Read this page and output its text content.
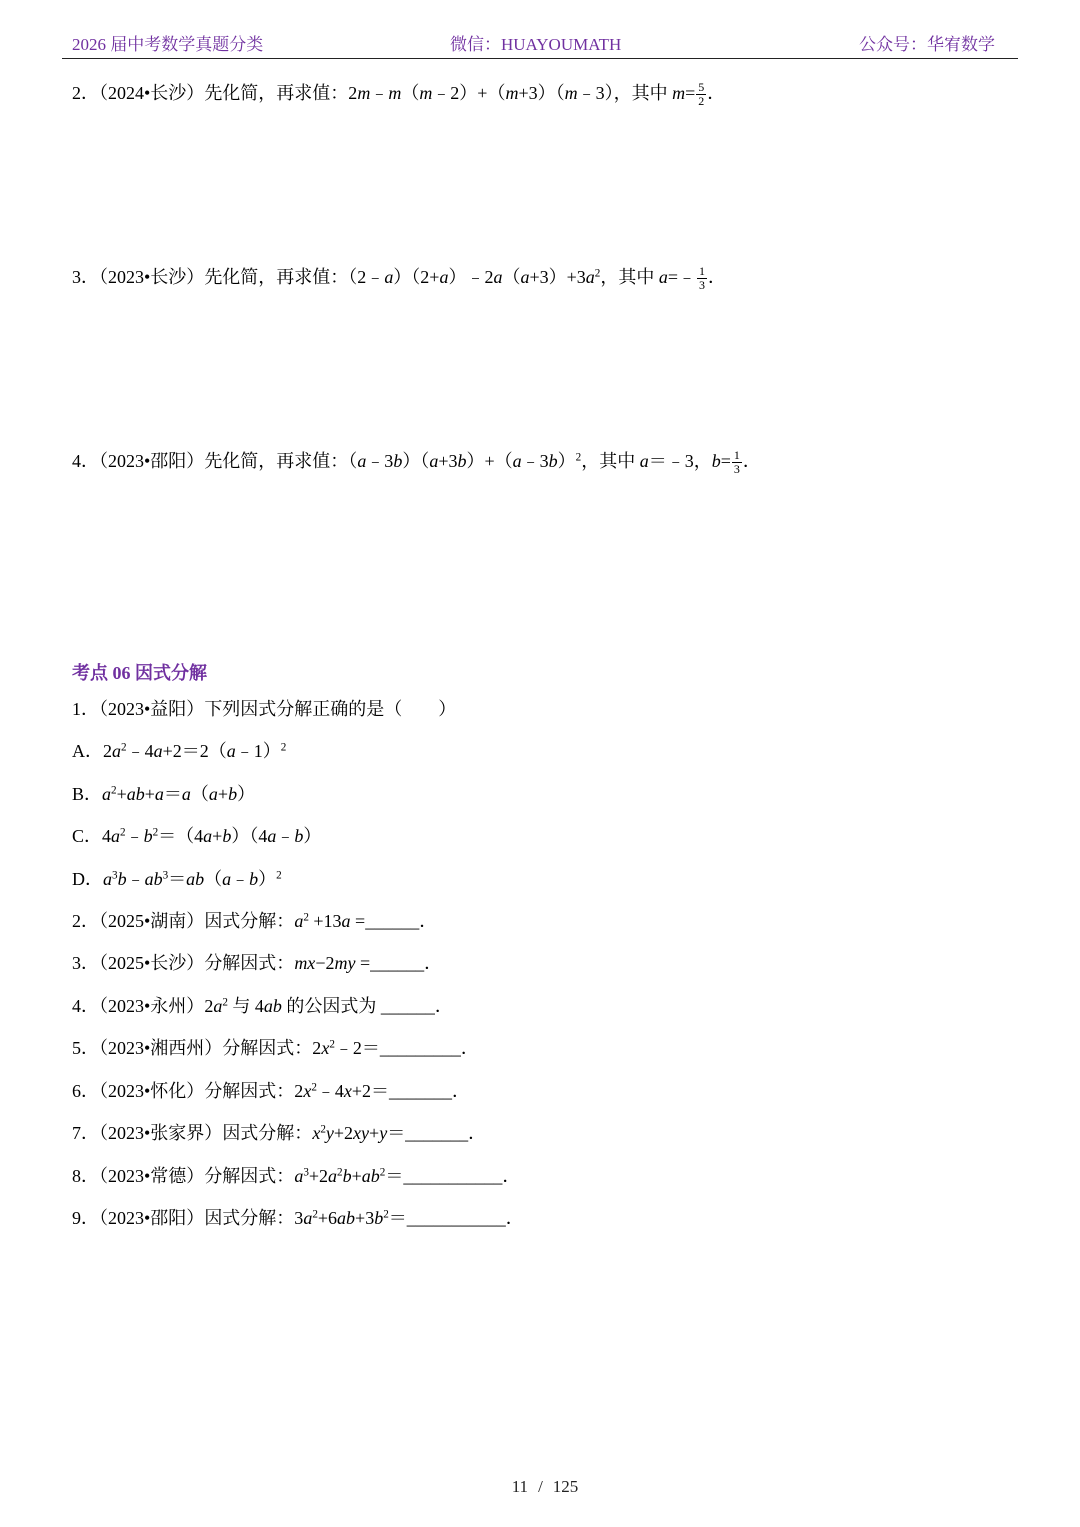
2026 届中考数学真题分类	微信：HUAYOUMATH	公众号：华宥数学
2．（2024•长沙）先化简，再求值：2m﹣m（m﹣2）+（m+3）（m﹣3），其中 $m= \frac{5}{2}$ ．
3．（2023•长沙）先化简，再求值：$(2﹣a)(2+a)﹣2a(a+3)+3a^2$，其中 a=﹣ $\frac{1}{3}$ ．
4．（2023•邵阳）先化简，再求值：（a﹣3b）（a+3b）+（a﹣3b）$^2$，其中 a＝﹣3，$b= \frac{1}{3}$ ．
考点 06 因式分解
1．（2023•益阳）下列因式分解正确的是（　　）
A．$2a^2﹣4a+2=2(a﹣1)^2$
B．$a^2+ab+a=a(a+b)$
C．$4a^2﹣b^2=(4a+b)(4a﹣b)$
D．$a^3b﹣ab^3=ab(a﹣b)^2$
2．（2025•湖南）因式分解：$a^2 +13a$ =______．
3．（2025•长沙）分解因式：mx−2my =______．
4．（2023•永州）$2a^2$ 与 4ab 的公因式为 ______．
5．（2023•湘西州）分解因式：$2x^2﹣2=\_\_\_\_\_\_\_\_\_$．
6．（2023•怀化）分解因式：$2x^2﹣4x+2=\_\_\_\_\_\_\_$．
7．（2023•张家界）因式分解：$x^2y+2xy+y=\_\_\_\_\_\_\_$．
8．（2023•常德）分解因式：$a^3+2a^2b+ab^2=\_\_\_\_\_\_\_\_\_\_\_$．
9．（2023•邵阳）因式分解：$3a^2+6ab+3b^2=\_\_\_\_\_\_\_\_\_\_\_$．
11 / 125
